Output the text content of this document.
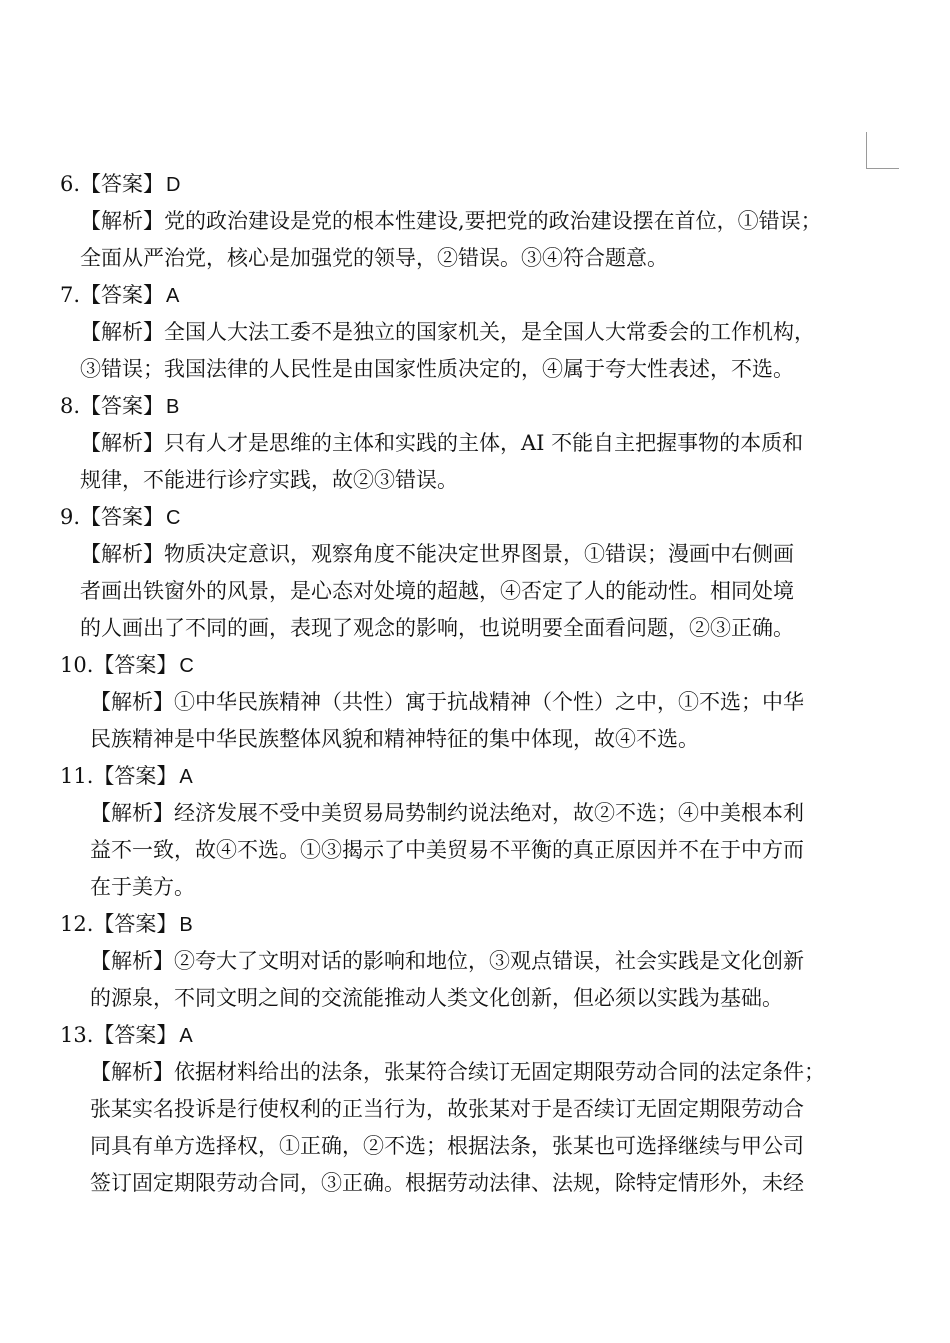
6.【答案】 D
【解析】党的政治建设是党的根本性建设,要把党的政治建设摆在首位，①错误；
全面从严治党，核心是加强党的领导，②错误。③④符合题意。
7.【答案】 A
【解析】全国人大法工委不是独立的国家机关，是全国人大常委会的工作机构，
③错误；我国法律的人民性是由国家性质决定的，④属于夸大性表述，不选。
8.【答案】 B
【解析】只有人才是思维的主体和实践的主体，AI 不能自主把握事物的本质和
规律，不能进行诊疗实践，故②③错误。
9.【答案】 C
【解析】物质决定意识，观察角度不能决定世界图景，①错误；漫画中右侧画
者画出铁窗外的风景，是心态对处境的超越，④否定了人的能动性。相同处境
的人画出了不同的画，表现了观念的影响，也说明要全面看问题，②③正确。
10.【答案】 C
【解析】①中华民族精神（共性）寓于抗战精神（个性）之中，①不选；中华
民族精神是中华民族整体风貌和精神特征的集中体现，故④不选。
11.【答案】 A
【解析】经济发展不受中美贸易局势制约说法绝对，故②不选；④中美根本利
益不一致，故④不选。①③揭示了中美贸易不平衡的真正原因并不在于中方而
在于美方。
12.【答案】 B
【解析】②夸大了文明对话的影响和地位，③观点错误，社会实践是文化创新
的源泉，不同文明之间的交流能推动人类文化创新，但必须以实践为基础。
13.【答案】 A
【解析】依据材料给出的法条，张某符合续订无固定期限劳动合同的法定条件；
张某实名投诉是行使权利的正当行为，故张某对于是否续订无固定期限劳动合
同具有单方选择权，①正确，②不选；根据法条，张某也可选择继续与甲公司
签订固定期限劳动合同，③正确。根据劳动法律、法规，除特定情形外，未经
